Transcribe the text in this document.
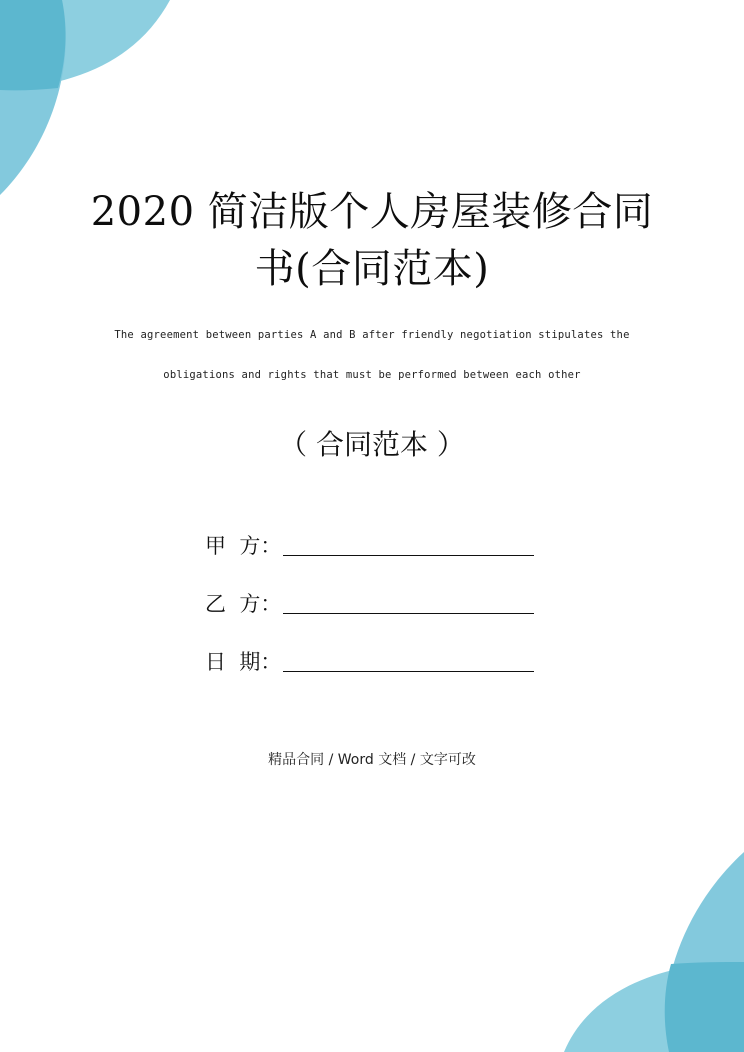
2020 简洁版个人房屋装修合同
书(合同范本)
The agreement between parties A and B after friendly negotiation stipulates the
obligations and rights that must be performed between each other
（ 合同范本 ）
甲  方：
乙  方：
日  期：
精品合同 / Word 文档 / 文字可改
